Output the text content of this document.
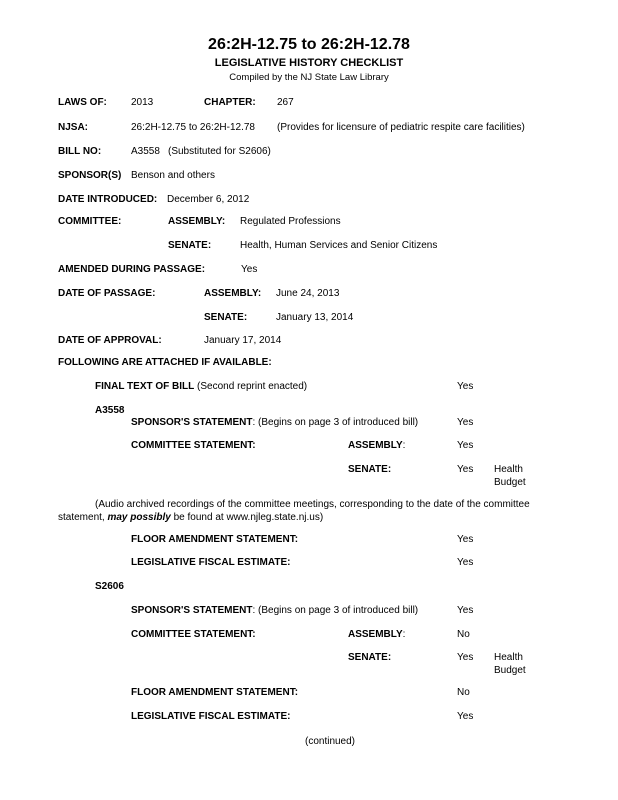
26:2H-12.75 to 26:2H-12.78
LEGISLATIVE HISTORY CHECKLIST
Compiled by the NJ State Law Library
LAWS OF: 2013	CHAPTER: 267
NJSA:	26:2H-12.75 to 26:2H-12.78 (Provides for licensure of pediatric respite care facilities)
BILL NO:	A3558 (Substituted for S2606)
SPONSOR(S) Benson and others
DATE INTRODUCED: December 6, 2012
COMMITTEE:	ASSEMBLY: Regulated Professions
SENATE:	Health, Human Services and Senior Citizens
AMENDED DURING PASSAGE:	Yes
DATE OF PASSAGE:	ASSEMBLY: June 24, 2013
SENATE:	January 13, 2014
DATE OF APPROVAL:	January 17, 2014
FOLLOWING ARE ATTACHED IF AVAILABLE:
FINAL TEXT OF BILL (Second reprint enacted)	Yes
A3558
SPONSOR'S STATEMENT: (Begins on page 3 of introduced bill)	Yes
COMMITTEE STATEMENT:	ASSEMBLY:	Yes
SENATE:	Yes Health
Budget
(Audio archived recordings of the committee meetings, corresponding to the date of the committee statement, may possibly be found at www.njleg.state.nj.us)
FLOOR AMENDMENT STATEMENT:	Yes
LEGISLATIVE FISCAL ESTIMATE:	Yes
S2606
SPONSOR'S STATEMENT: (Begins on page 3 of introduced bill)	Yes
COMMITTEE STATEMENT:	ASSEMBLY:	No
SENATE:	Yes Health
Budget
FLOOR AMENDMENT STATEMENT:	No
LEGISLATIVE FISCAL ESTIMATE:	Yes
(continued)
